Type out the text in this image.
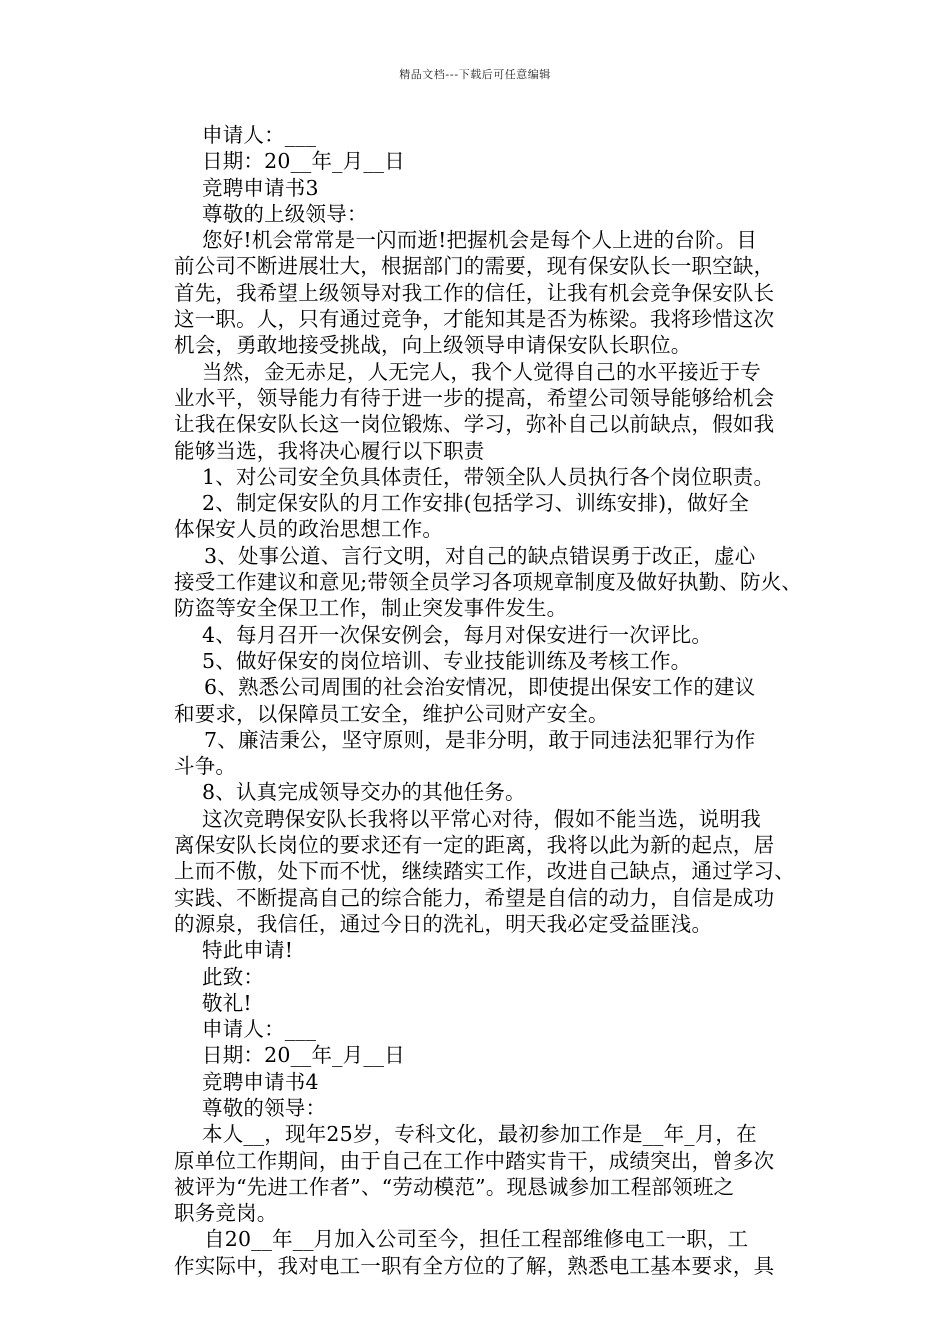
精品文档---下载后可任意编辑
申请人：___
日期：20__年_月__日
竞聘申请书3
尊敬的上级领导：
您好!机会常常是一闪而逝!把握机会是每个人上进的台阶。目
前公司不断进展壮大，根据部门的需要，现有保安队长一职空缺，
首先，我希望上级领导对我工作的信任，让我有机会竞争保安队长
这一职。人，只有通过竞争，才能知其是否为栋梁。我将珍惜这次
机会，勇敢地接受挑战，向上级领导申请保安队长职位。
当然，金无赤足，人无完人，我个人觉得自己的水平接近于专
业水平，领导能力有待于进一步的提高，希望公司领导能够给机会
让我在保安队长这一岗位锻炼、学习，弥补自己以前缺点，假如我
能够当选，我将决心履行以下职责
1、对公司安全负具体责任，带领全队人员执行各个岗位职责。
2、制定保安队的月工作安排(包括学习、训练安排)，做好全
体保安人员的政治思想工作。
3、处事公道、言行文明，对自己的缺点错误勇于改正，虚心
接受工作建议和意见;带领全员学习各项规章制度及做好执勤、防火、
防盗等安全保卫工作，制止突发事件发生。
4、每月召开一次保安例会，每月对保安进行一次评比。
5、做好保安的岗位培训、专业技能训练及考核工作。
6、熟悉公司周围的社会治安情况，即使提出保安工作的建议
和要求，以保障员工安全，维护公司财产安全。
7、廉洁秉公，坚守原则，是非分明，敢于同违法犯罪行为作
斗争。
8、认真完成领导交办的其他任务。
这次竞聘保安队长我将以平常心对待，假如不能当选，说明我
离保安队长岗位的要求还有一定的距离，我将以此为新的起点，居
上而不傲，处下而不忧，继续踏实工作，改进自己缺点，通过学习、
实践、不断提高自己的综合能力，希望是自信的动力，自信是成功
的源泉，我信任，通过今日的洗礼，明天我必定受益匪浅。
特此申请!
此致：
敬礼!
申请人：___
日期：20__年_月__日
竞聘申请书4
尊敬的领导：
本人__，现年25岁，专科文化，最初参加工作是__年_月，在
原单位工作期间，由于自己在工作中踏实肯干，成绩突出，曾多次
被评为“先进工作者”、“劳动模范”。现恳诚参加工程部领班之
职务竞岗。
自20__年__月加入公司至今，担任工程部维修电工一职，工
作实际中，我对电工一职有全方位的了解，熟悉电工基本要求，具
